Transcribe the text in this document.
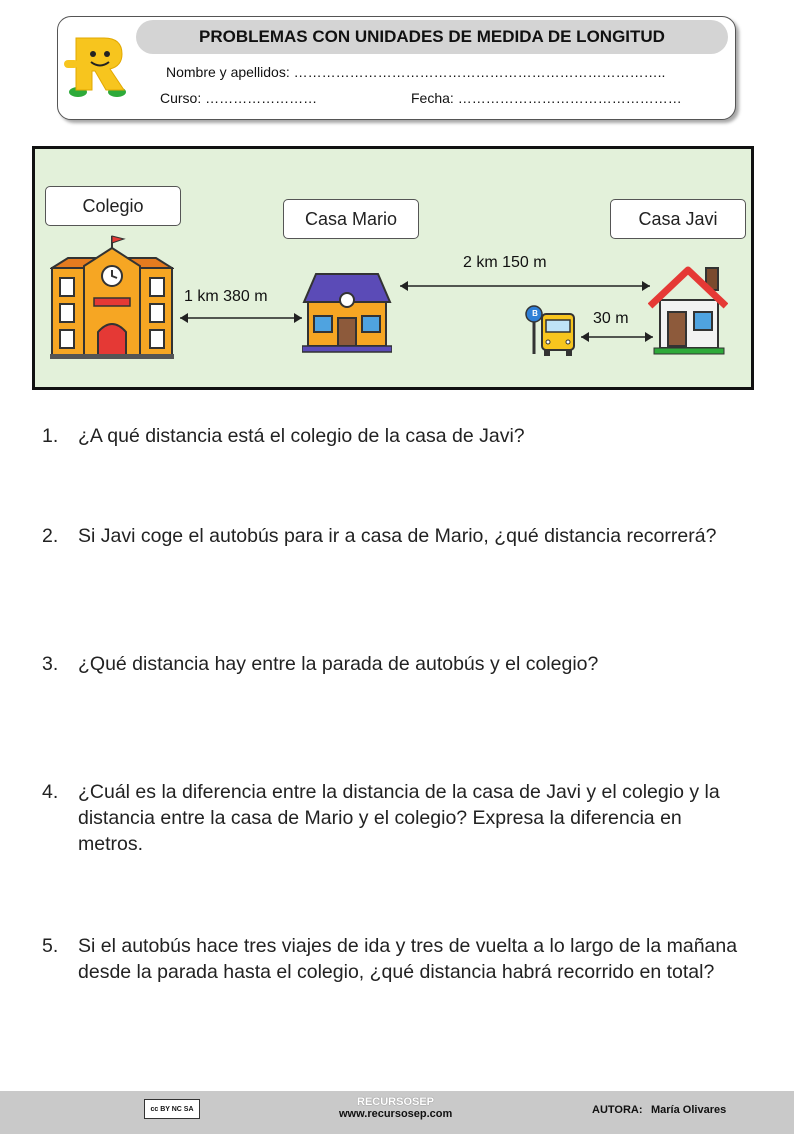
PROBLEMAS CON UNIDADES DE MEDIDA DE LONGITUD
Nombre y apellidos: ……………………………………………………………………..
Curso: ……………………	Fecha: …………………………………………
Colegio
Casa Mario	Casa Javi
B
1 km 380 m
2 km 150 m
30 m
1.	¿A qué distancia está el colegio de la casa de Javi?
2.	Si Javi coge el autobús para ir a casa de Mario, ¿qué distancia recorrerá?
3.	¿Qué distancia hay entre la parada de autobús y el colegio?
4.	¿Cuál es la diferencia entre la distancia de la casa de Javi y el colegio y la distancia entre la casa de Mario y el colegio? Expresa la diferencia en metros.
5.	Si el autobús hace tres viajes de ida y tres de vuelta a lo largo de la mañana desde la parada hasta el colegio, ¿qué distancia habrá recorrido en total?
cc BY NC SA
RECURSOSEP
www.recursosep.com	AUTORA: María Olivares
